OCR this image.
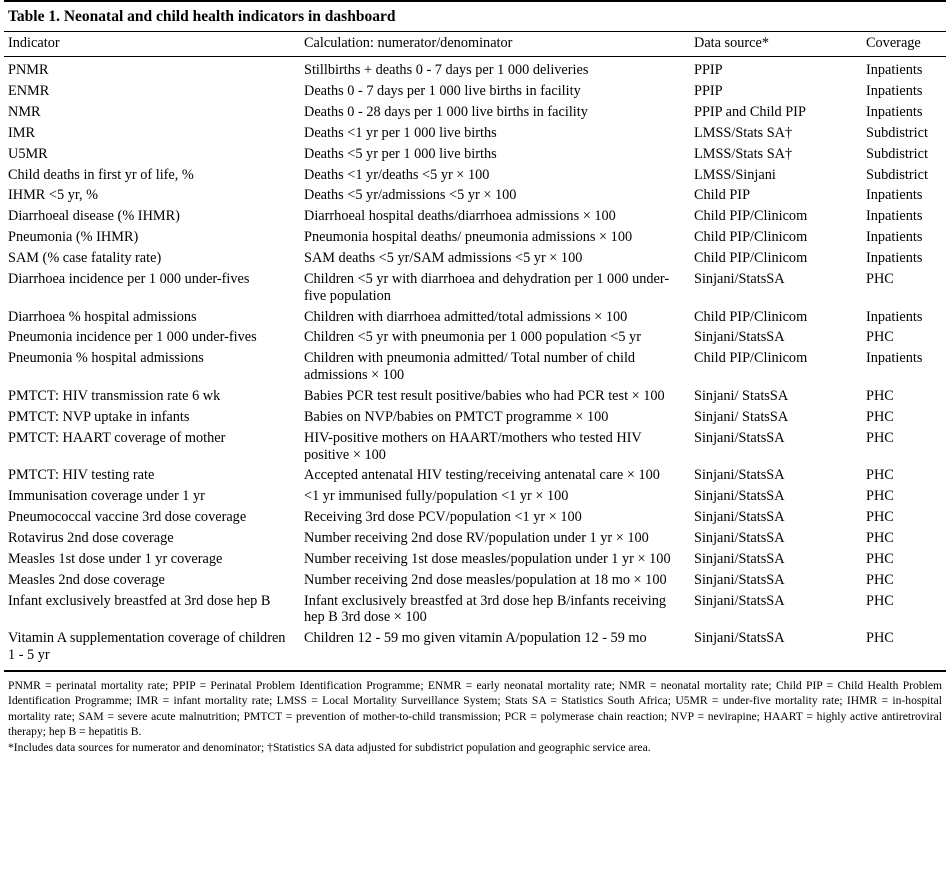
Table 1. Neonatal and child health indicators in dashboard
Indicator	Calculation: numerator/denominator	Data source*	Coverage
PNMR	Stillbirths + deaths 0 - 7 days per 1 000 deliveries	PPIP	Inpatients
ENMR	Deaths 0 - 7 days per 1 000 live births in facility	PPIP	Inpatients
NMR	Deaths 0 - 28 days per 1 000 live births in facility	PPIP and Child PIP	Inpatients
IMR	Deaths <1 yr per 1 000 live births	LMSS/Stats SA†	Subdistrict
U5MR	Deaths <5 yr per 1 000 live births	LMSS/Stats SA†	Subdistrict
Child deaths in first yr of life, %	Deaths <1 yr/deaths <5 yr × 100	LMSS/Sinjani	Subdistrict
IHMR <5 yr, %	Deaths <5 yr/admissions <5 yr × 100	Child PIP	Inpatients
Diarrhoeal disease (% IHMR)	Diarrhoeal hospital deaths/diarrhoea admissions × 100	Child PIP/Clinicom	Inpatients
Pneumonia (% IHMR)	Pneumonia hospital deaths/ pneumonia admissions × 100	Child PIP/Clinicom	Inpatients
SAM (% case fatality rate)	SAM deaths <5 yr/SAM admissions <5 yr × 100	Child PIP/Clinicom	Inpatients
Diarrhoea incidence per 1 000 under-fives	Children <5 yr with diarrhoea and dehydration per 1 000 under-five population	Sinjani/StatsSA	PHC
Diarrhoea % hospital admissions	Children with diarrhoea admitted/total admissions × 100	Child PIP/Clinicom	Inpatients
Pneumonia incidence per 1 000 under-fives	Children <5 yr with pneumonia per 1 000 population <5 yr	Sinjani/StatsSA	PHC
Pneumonia % hospital admissions	Children with pneumonia admitted/ Total number of child admissions × 100	Child PIP/Clinicom	Inpatients
PMTCT: HIV transmission rate 6 wk	Babies PCR test result positive/babies who had PCR test × 100	Sinjani/ StatsSA	PHC
PMTCT: NVP uptake in infants	Babies on NVP/babies on PMTCT programme × 100	Sinjani/ StatsSA	PHC
PMTCT: HAART coverage of mother	HIV-positive mothers on HAART/mothers who tested HIV positive × 100	Sinjani/StatsSA	PHC
PMTCT: HIV testing rate	Accepted antenatal HIV testing/receiving antenatal care × 100	Sinjani/StatsSA	PHC
Immunisation coverage under 1 yr	<1 yr immunised fully/population <1 yr × 100	Sinjani/StatsSA	PHC
Pneumococcal vaccine 3rd dose coverage	Receiving 3rd dose PCV/population <1 yr × 100	Sinjani/StatsSA	PHC
Rotavirus 2nd dose coverage	Number receiving 2nd dose RV/population under 1 yr × 100	Sinjani/StatsSA	PHC
Measles 1st dose under 1 yr coverage	Number receiving 1st dose measles/population under 1 yr × 100	Sinjani/StatsSA	PHC
Measles 2nd dose coverage	Number receiving 2nd dose measles/population at 18 mo × 100	Sinjani/StatsSA	PHC
Infant exclusively breastfed at 3rd dose hep B	Infant exclusively breastfed at 3rd dose hep B/infants receiving hep B 3rd dose × 100	Sinjani/StatsSA	PHC
Vitamin A supplementation coverage of children 1 - 5 yr	Children 12 - 59 mo given vitamin A/population 12 - 59 mo	Sinjani/StatsSA	PHC

PNMR = perinatal mortality rate; PPIP = Perinatal Problem Identification Programme; ENMR = early neonatal mortality rate; NMR = neonatal mortality rate; Child PIP = Child Health Problem Identification Programme; IMR = infant mortality rate; LMSS = Local Mortality Surveillance System; Stats SA = Statistics South Africa; U5MR = under-five mortality rate; IHMR = in-hospital mortality rate; SAM = severe acute malnutrition; PMTCT = prevention of mother-to-child transmission; PCR = polymerase chain reaction; NVP = nevirapine; HAART = highly active antiretroviral therapy; hep B = hepatitis B.

*Includes data sources for numerator and denominator; †Statistics SA data adjusted for subdistrict population and geographic service area.
